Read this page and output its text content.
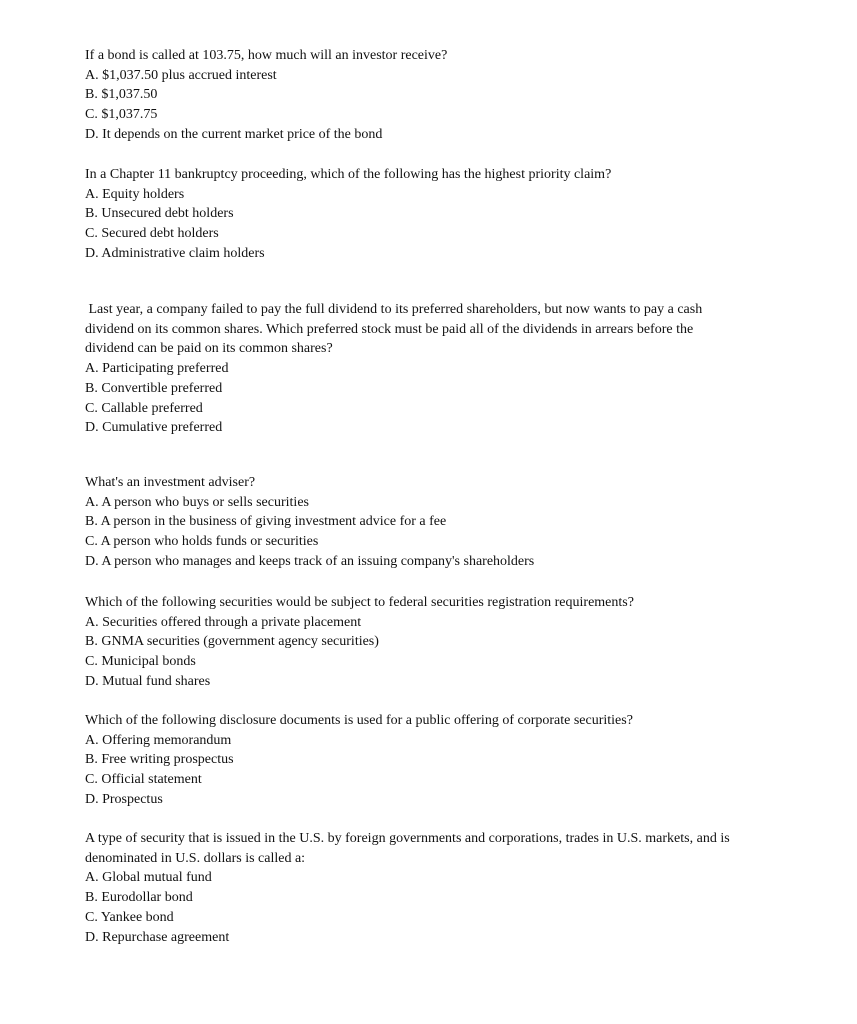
If a bond is called at 103.75, how much will an investor receive?
A. $1,037.50 plus accrued interest
B. $1,037.50
C. $1,037.75
D. It depends on the current market price of the bond
In a Chapter 11 bankruptcy proceeding, which of the following has the highest priority claim?
A. Equity holders
B. Unsecured debt holders
C. Secured debt holders
D. Administrative claim holders
Last year, a company failed to pay the full dividend to its preferred shareholders, but now wants to pay a cash
dividend on its common shares. Which preferred stock must be paid all of the dividends in arrears before the
dividend can be paid on its common shares?
A. Participating preferred
B. Convertible preferred
C. Callable preferred
D. Cumulative preferred
What's an investment adviser?
A. A person who buys or sells securities
B. A person in the business of giving investment advice for a fee
C. A person who holds funds or securities
D. A person who manages and keeps track of an issuing company's shareholders
Which of the following securities would be subject to federal securities registration requirements?
A. Securities offered through a private placement
B. GNMA securities (government agency securities)
C. Municipal bonds
D. Mutual fund shares
Which of the following disclosure documents is used for a public offering of corporate securities?
A. Offering memorandum
B. Free writing prospectus
C. Official statement
D. Prospectus
A type of security that is issued in the U.S. by foreign governments and corporations, trades in U.S. markets, and is
denominated in U.S. dollars is called a:
A. Global mutual fund
B. Eurodollar bond
C. Yankee bond
D. Repurchase agreement
